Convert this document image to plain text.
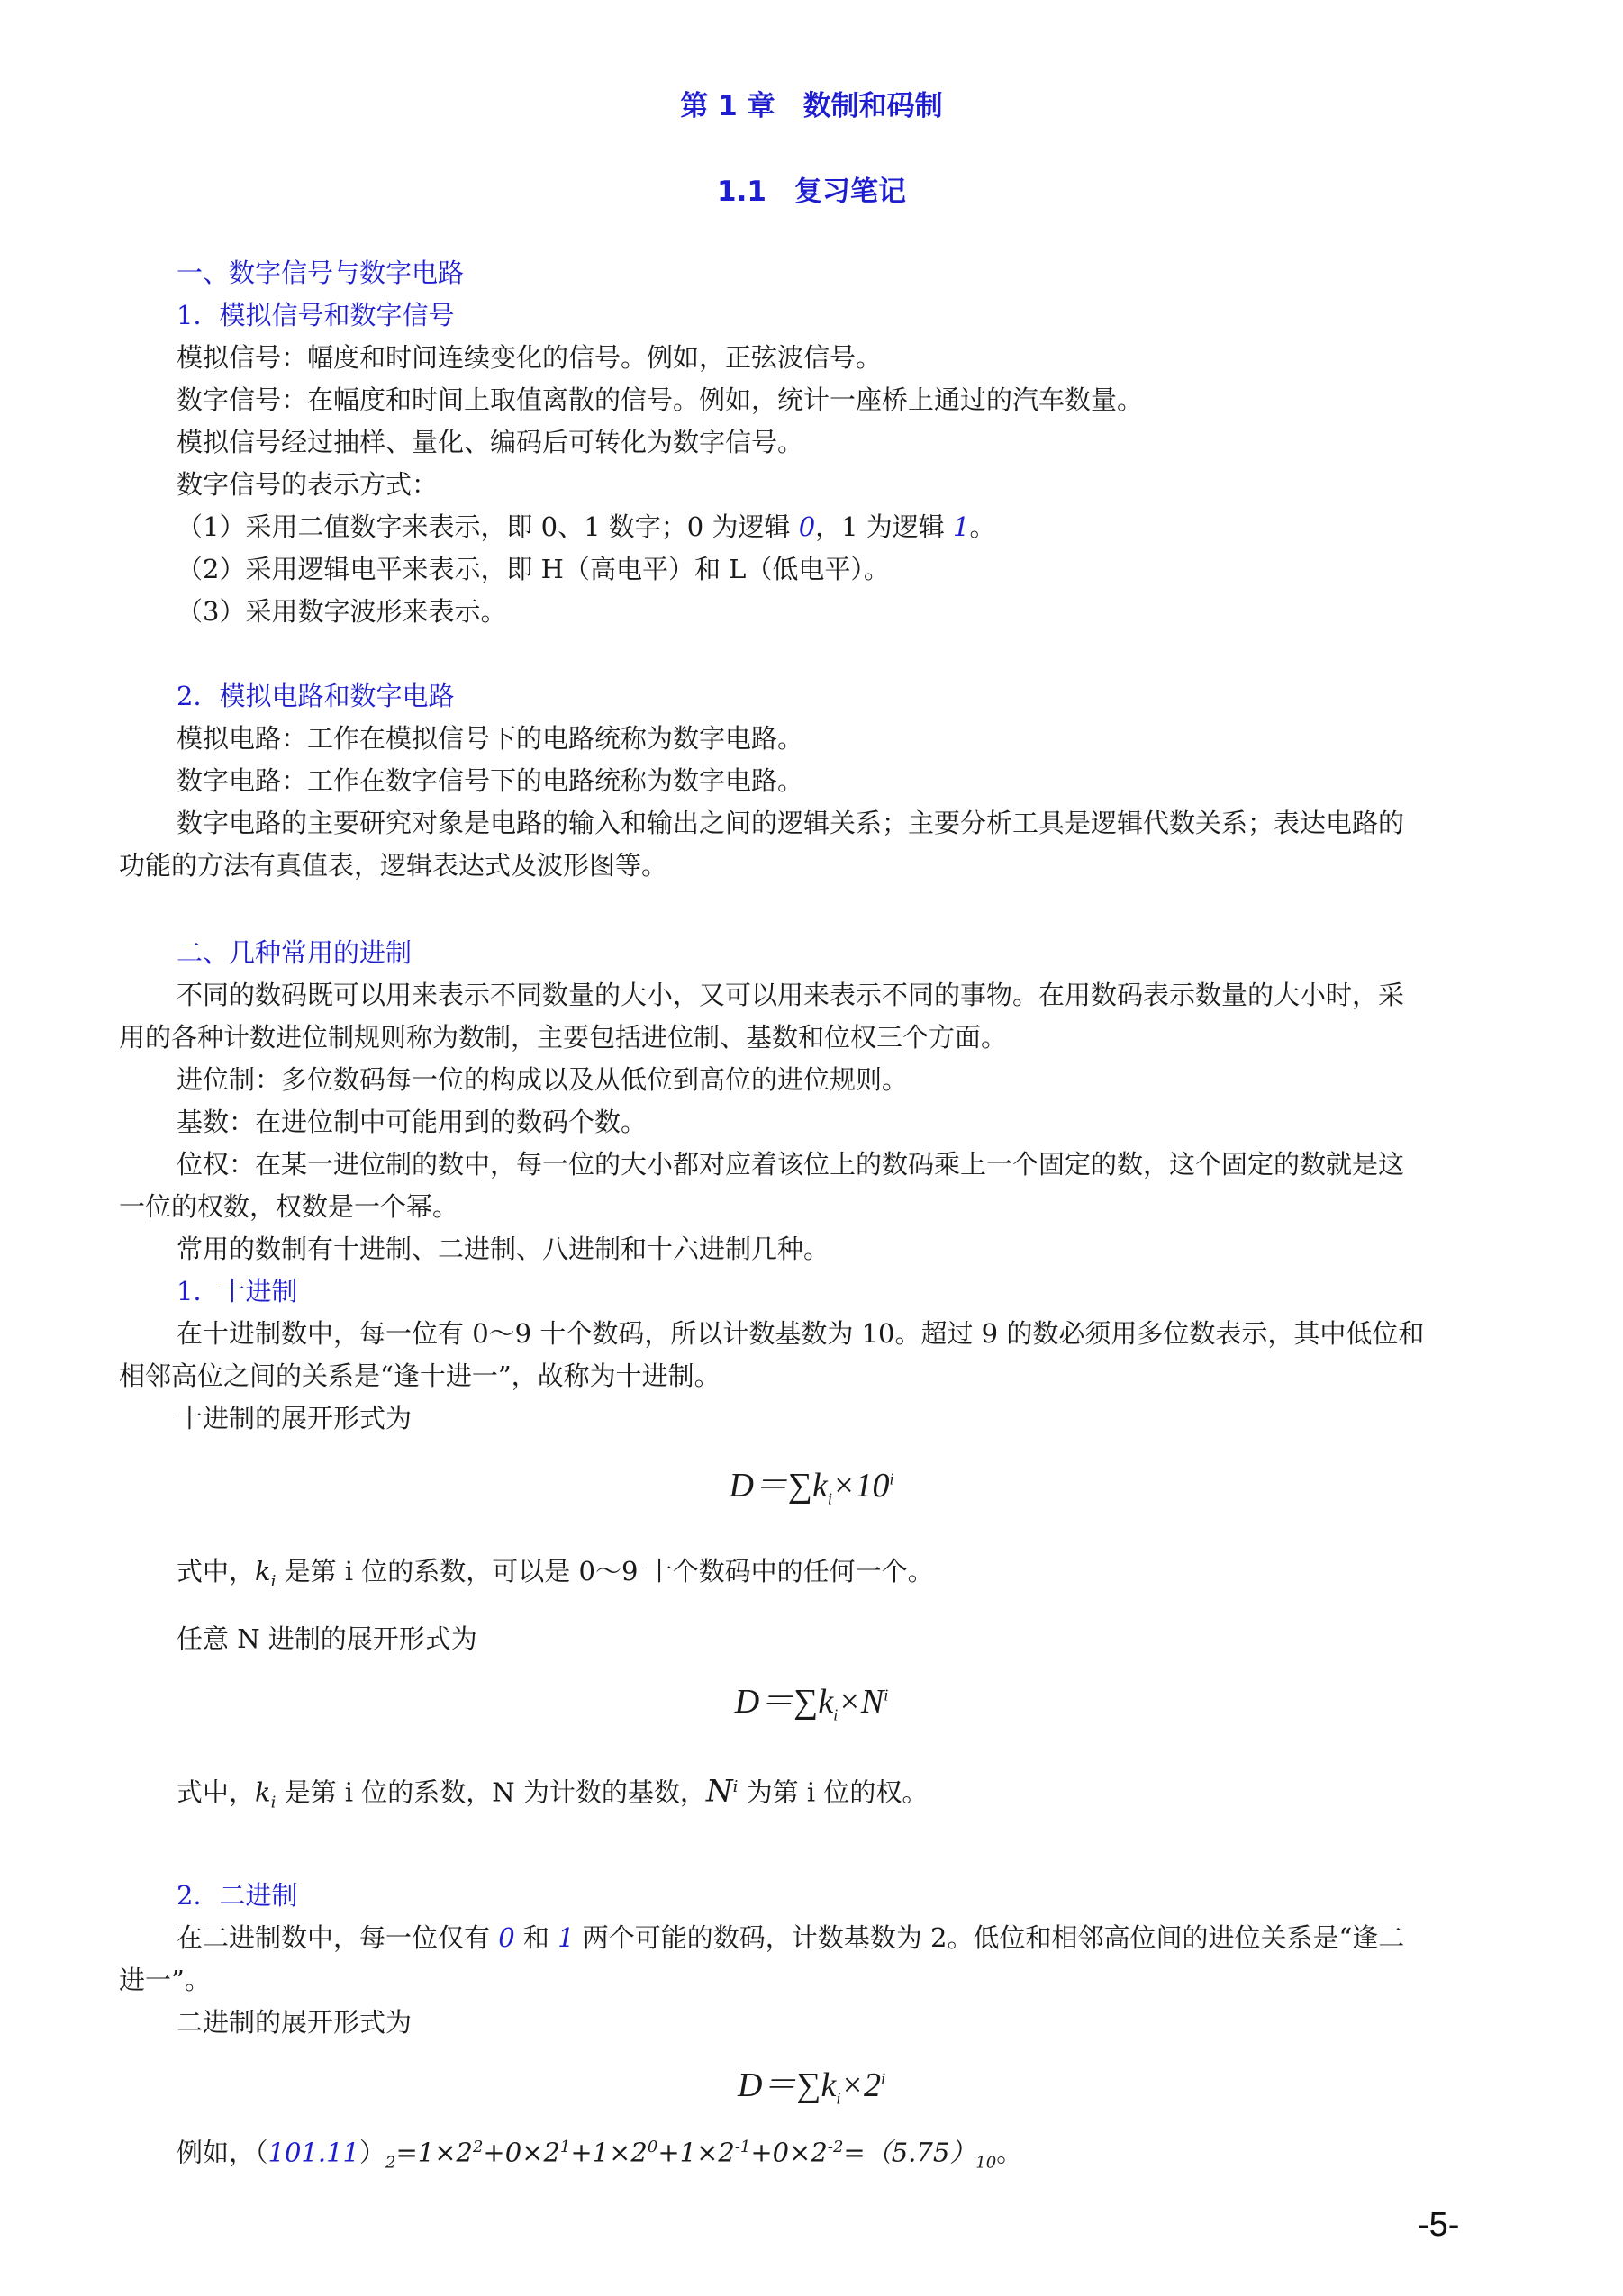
第 1 章　数制和码制
1.1　复习笔记
一、数字信号与数字电路
1．模拟信号和数字信号
模拟信号：幅度和时间连续变化的信号。例如，正弦波信号。
数字信号：在幅度和时间上取值离散的信号。例如，统计一座桥上通过的汽车数量。
模拟信号经过抽样、量化、编码后可转化为数字信号。
数字信号的表示方式：
（1）采用二值数字来表示，即 0、1 数字；0 为逻辑 0，1 为逻辑 1。
（2）采用逻辑电平来表示，即 H（高电平）和 L（低电平）。
（3）采用数字波形来表示。
2．模拟电路和数字电路
模拟电路：工作在模拟信号下的电路统称为数字电路。
数字电路：工作在数字信号下的电路统称为数字电路。
数字电路的主要研究对象是电路的输入和输出之间的逻辑关系；主要分析工具是逻辑代数关系；表达电路的
功能的方法有真值表，逻辑表达式及波形图等。
二、几种常用的进制
不同的数码既可以用来表示不同数量的大小，又可以用来表示不同的事物。在用数码表示数量的大小时，采
用的各种计数进位制规则称为数制，主要包括进位制、基数和位权三个方面。
进位制：多位数码每一位的构成以及从低位到高位的进位规则。
基数：在进位制中可能用到的数码个数。
位权：在某一进位制的数中，每一位的大小都对应着该位上的数码乘上一个固定的数，这个固定的数就是这
一位的权数，权数是一个幂。
常用的数制有十进制、二进制、八进制和十六进制几种。
1．十进制
在十进制数中，每一位有 0～9 十个数码，所以计数基数为 10。超过 9 的数必须用多位数表示，其中低位和
相邻高位之间的关系是“逢十进一”，故称为十进制。
十进制的展开形式为
$D=\sum k_i\times 10^i$
式中，$k_i$ 是第 i 位的系数，可以是 0～9 十个数码中的任何一个。
任意 N 进制的展开形式为
$D=\sum k_i\times N^i$
式中，$k_i$ 是第 i 位的系数，N 为计数的基数，$N^i$ 为第 i 位的权。
2．二进制
在二进制数中，每一位仅有 0 和 1 两个可能的数码，计数基数为 2。低位和相邻高位间的进位关系是“逢二
进一”。
二进制的展开形式为
$D=\sum k_i\times 2^i$
例如，$(101.11)_2=1\times 2^2+0\times 2^1+1\times 2^0+1\times 2^{-1}+0\times 2^{-2}=(5.75)_{10}$。
-5-
